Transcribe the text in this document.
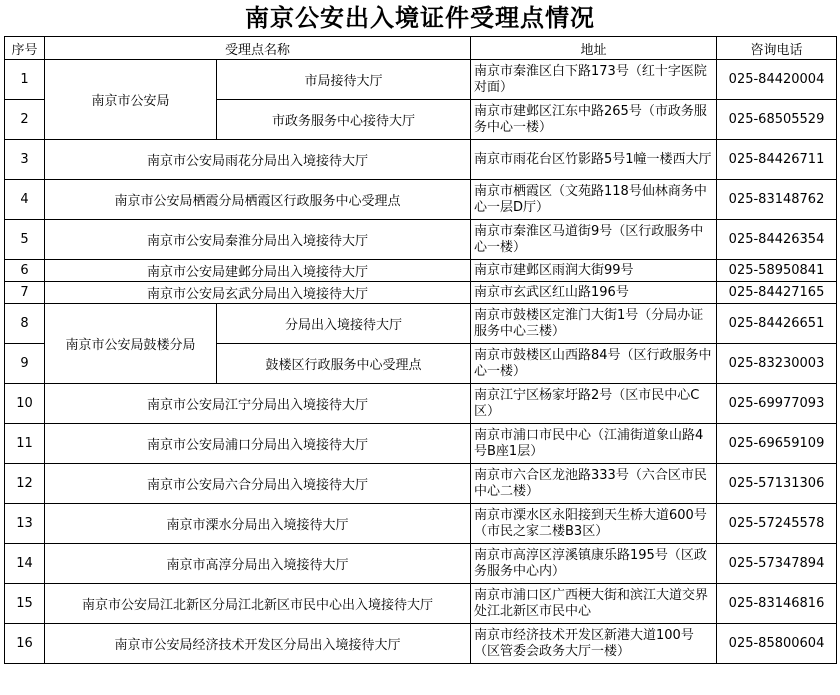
南京公安出入境证件受理点情况
序号	受理点名称		地址	咨询电话
1	南京市公安局	市局接待大厅	南京市秦淮区白下路173号（红十字医院对面）	025-84420004
2		市政务服务中心接待大厅	南京市建邺区江东中路265号（市政务服务中心一楼）	025-68505529
3	南京市公安局雨花分局出入境接待大厅		南京市雨花台区竹影路5号1幢一楼西大厅	025-84426711
4	南京市公安局栖霞分局栖霞区行政服务中心受理点		南京市栖霞区（文苑路118号仙林商务中心一层D厅）	025-83148762
5	南京市公安局秦淮分局出入境接待大厅		南京市秦淮区马道街9号（区行政服务中心一楼）	025-84426354
6	南京市公安局建邺分局出入境接待大厅		南京市建邺区雨润大街99号	025-58950841
7	南京市公安局玄武分局出入境接待大厅		南京市玄武区红山路196号	025-84427165
8	南京市公安局鼓楼分局	分局出入境接待大厅	南京市鼓楼区定淮门大街1号（分局办证服务中心三楼）	025-84426651
9		鼓楼区行政服务中心受理点	南京市鼓楼区山西路84号（区行政服务中心一楼）	025-83230003
10	南京市公安局江宁分局出入境接待大厅		南京江宁区杨家圩路2号（区市民中心C区）	025-69977093
11	南京市公安局浦口分局出入境接待大厅		南京市浦口市民中心（江浦街道象山路4号B座1层）	025-69659109
12	南京市公安局六合分局出入境接待大厅		南京市六合区龙池路333号（六合区市民中心二楼）	025-57131306
13	南京市溧水分局出入境接待大厅		南京市溧水区永阳接到天生桥大道600号（市民之家二楼B3区）	025-57245578
14	南京市高淳分局出入境接待大厅		南京市高淳区淳溪镇康乐路195号（区政务服务中心内）	025-57347894
15	南京市公安局江北新区分局江北新区市民中心出入境接待大厅		南京市浦口区广西梗大街和滨江大道交界处江北新区市民中心	025-83146816
16	南京市公安局经济技术开发区分局出入境接待大厅		南京市经济技术开发区新港大道100号（区管委会政务大厅一楼）	025-85800604
